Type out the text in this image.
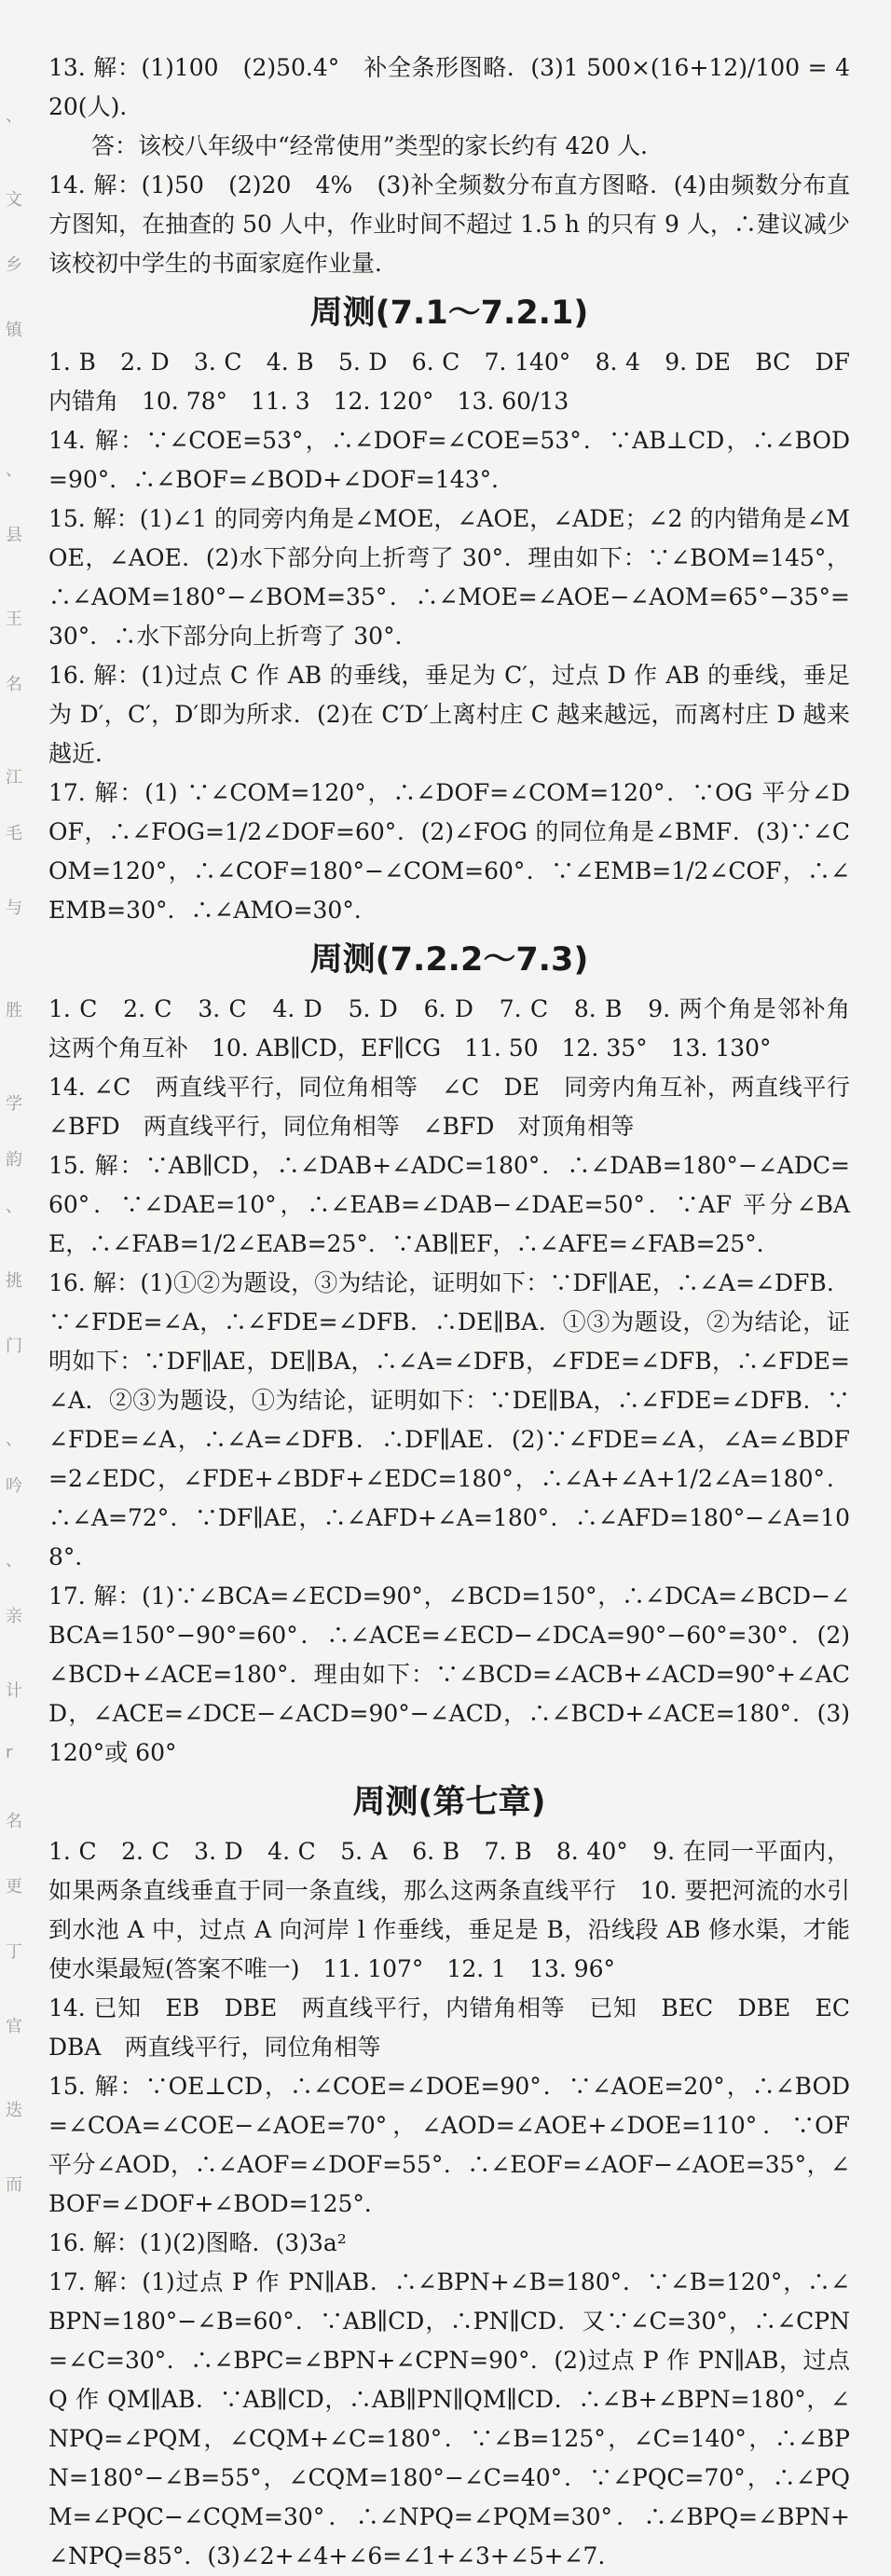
、
文
乡
镇
、
县
王
名
江
毛
与
胜
学
韵
、
挑
门
、
吟
、
亲
计
r
名
更
丁
官
迭
而

13. 解：(1)100　(2)50.4°　补全条形图略．(3)1 500×(16+12)/100 = 420(人)．

答：该校八年级中“经常使用”类型的家长约有 420 人．

14. 解：(1)50　(2)20　4%　(3)补全频数分布直方图略．(4)由频数分布直方图知，在抽查的 50 人中，作业时间不超过 1.5 h 的只有 9 人，∴建议减少该校初中学生的书面家庭作业量．

周测(7.1～7.2.1)

1. B　2. D　3. C　4. B　5. D　6. C　7. 140°　8. 4　9. DE　BC　DF　内错角　10. 78°　11. 3　12. 120°　13. 60/13

14. 解：∵∠COE=53°，∴∠DOF=∠COE=53°．∵AB⊥CD，∴∠BOD=90°．∴∠BOF=∠BOD+∠DOF=143°．

15. 解：(1)∠1 的同旁内角是∠MOE，∠AOE，∠ADE；∠2 的内错角是∠MOE，∠AOE．(2)水下部分向上折弯了 30°．理由如下：∵∠BOM=145°，∴∠AOM=180°−∠BOM=35°．∴∠MOE=∠AOE−∠AOM=65°−35°=30°．∴水下部分向上折弯了 30°．

16. 解：(1)过点 C 作 AB 的垂线，垂足为 C′，过点 D 作 AB 的垂线，垂足为 D′，C′，D′即为所求．(2)在 C′D′上离村庄 C 越来越远，而离村庄 D 越来越近．

17. 解：(1) ∵∠COM=120°，∴∠DOF=∠COM=120°．∵OG 平分∠DOF，∴∠FOG=1/2∠DOF=60°．(2)∠FOG 的同位角是∠BMF．(3)∵∠COM=120°，∴∠COF=180°−∠COM=60°．∵∠EMB=1/2∠COF，∴∠EMB=30°．∴∠AMO=30°．

周测(7.2.2～7.3)

1. C　2. C　3. C　4. D　5. D　6. D　7. C　8. B　9. 两个角是邻补角　这两个角互补　10. AB∥CD，EF∥CG　11. 50　12. 35°　13. 130°

14. ∠C　两直线平行，同位角相等　∠C　DE　同旁内角互补，两直线平行　∠BFD　两直线平行，同位角相等　∠BFD　对顶角相等

15. 解：∵AB∥CD，∴∠DAB+∠ADC=180°．∴∠DAB=180°−∠ADC=60°．∵∠DAE=10°，∴∠EAB=∠DAB−∠DAE=50°．∵AF 平分∠BAE，∴∠FAB=1/2∠EAB=25°．∵AB∥EF，∴∠AFE=∠FAB=25°．

16. 解：(1)①②为题设，③为结论，证明如下：∵DF∥AE，∴∠A=∠DFB．∵∠FDE=∠A，∴∠FDE=∠DFB．∴DE∥BA．①③为题设，②为结论，证明如下：∵DF∥AE，DE∥BA，∴∠A=∠DFB，∠FDE=∠DFB，∴∠FDE=∠A．②③为题设，①为结论，证明如下：∵DE∥BA，∴∠FDE=∠DFB．∵∠FDE=∠A，∴∠A=∠DFB．∴DF∥AE．(2)∵∠FDE=∠A，∠A=∠BDF=2∠EDC，∠FDE+∠BDF+∠EDC=180°，∴∠A+∠A+1/2∠A=180°．∴∠A=72°．∵DF∥AE，∴∠AFD+∠A=180°．∴∠AFD=180°−∠A=108°．

17. 解：(1)∵∠BCA=∠ECD=90°，∠BCD=150°，∴∠DCA=∠BCD−∠BCA=150°−90°=60°．∴∠ACE=∠ECD−∠DCA=90°−60°=30°．(2)∠BCD+∠ACE=180°．理由如下：∵∠BCD=∠ACB+∠ACD=90°+∠ACD，∠ACE=∠DCE−∠ACD=90°−∠ACD，∴∠BCD+∠ACE=180°．(3)120°或 60°

周测(第七章)

1. C　2. C　3. D　4. C　5. A　6. B　7. B　8. 40°　9. 在同一平面内，如果两条直线垂直于同一条直线，那么这两条直线平行　10. 要把河流的水引到水池 A 中，过点 A 向河岸 l 作垂线，垂足是 B，沿线段 AB 修水渠，才能使水渠最短(答案不唯一)　11. 107°　12. 1　13. 96°

14. 已知　EB　DBE　两直线平行，内错角相等　已知　BEC　DBE　EC　DBA　两直线平行，同位角相等

15. 解：∵OE⊥CD，∴∠COE=∠DOE=90°．∵∠AOE=20°，∴∠BOD=∠COA=∠COE−∠AOE=70°，∠AOD=∠AOE+∠DOE=110°．∵OF 平分∠AOD，∴∠AOF=∠DOF=55°．∴∠EOF=∠AOF−∠AOE=35°，∠BOF=∠DOF+∠BOD=125°．

16. 解：(1)(2)图略．(3)3a²

17. 解：(1)过点 P 作 PN∥AB．∴∠BPN+∠B=180°．∵∠B=120°，∴∠BPN=180°−∠B=60°．∵AB∥CD，∴PN∥CD．又∵∠C=30°，∴∠CPN=∠C=30°．∴∠BPC=∠BPN+∠CPN=90°．(2)过点 P 作 PN∥AB，过点 Q 作 QM∥AB．∵AB∥CD，∴AB∥PN∥QM∥CD．∴∠B+∠BPN=180°，∠NPQ=∠PQM，∠CQM+∠C=180°．∵∠B=125°，∠C=140°，∴∠BPN=180°−∠B=55°，∠CQM=180°−∠C=40°．∵∠PQC=70°，∴∠PQM=∠PQC−∠CQM=30°．∴∠NPQ=∠PQM=30°．∴∠BPQ=∠BPN+∠NPQ=85°．(3)∠2+∠4+∠6=∠1+∠3+∠5+∠7．
